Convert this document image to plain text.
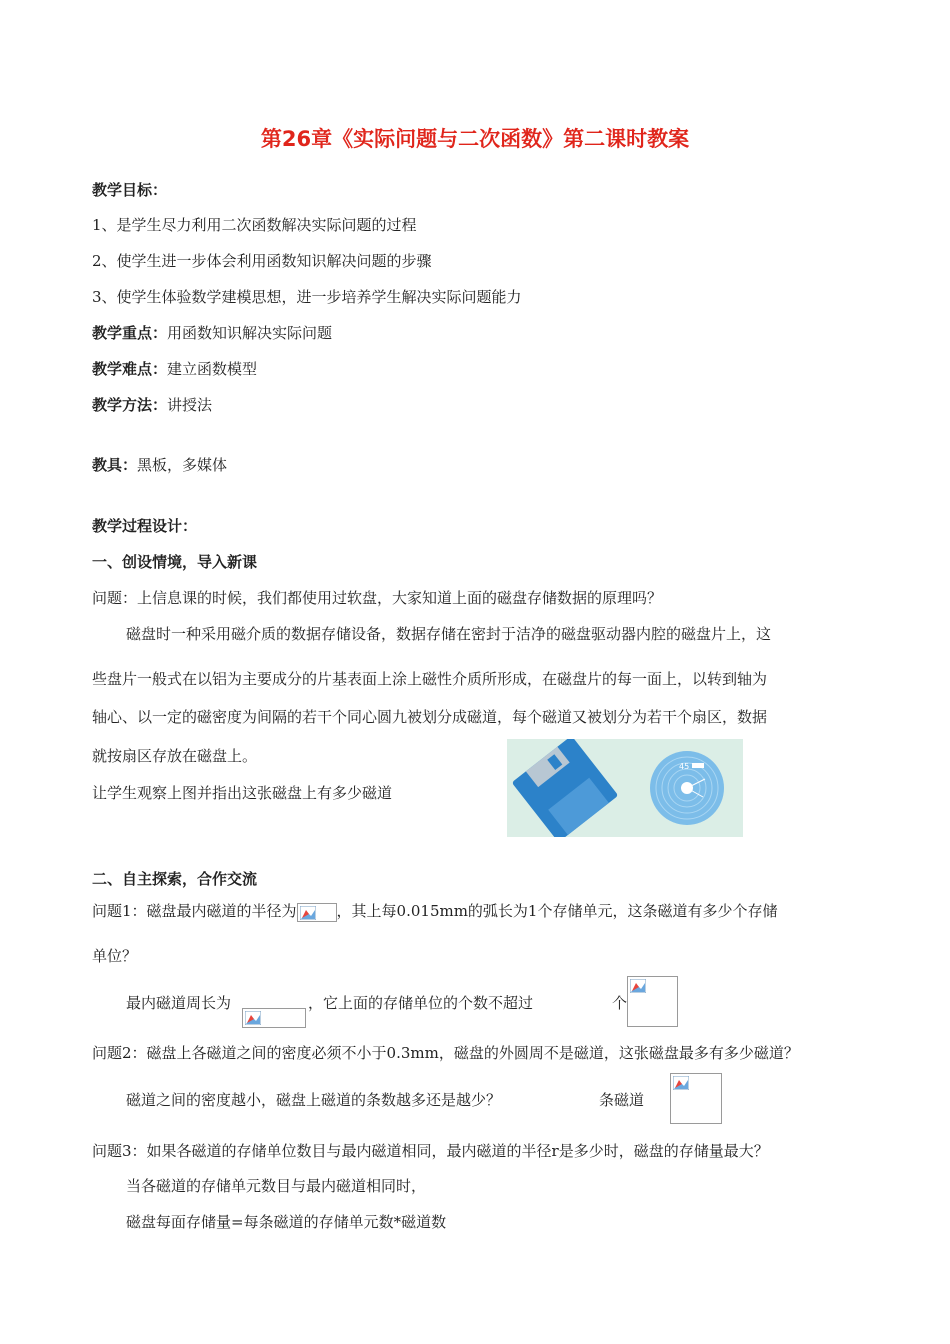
第26章《实际问题与二次函数》第二课时教案
教学目标：
1、是学生尽力利用二次函数解决实际问题的过程
2、使学生进一步体会利用函数知识解决问题的步骤
3、使学生体验数学建模思想，进一步培养学生解决实际问题能力
教学重点：用函数知识解决实际问题
教学难点：建立函数模型
教学方法：讲授法
教具：黑板，多媒体
教学过程设计：
一、创设情境，导入新课
问题：上信息课的时候，我们都使用过软盘，大家知道上面的磁盘存储数据的原理吗？
磁盘时一种采用磁介质的数据存储设备，数据存储在密封于洁净的磁盘驱动器内腔的磁盘片上，这
些盘片一般式在以铝为主要成分的片基表面上涂上磁性介质所形成，在磁盘片的每一面上，以转到轴为
轴心、以一定的磁密度为间隔的若干个同心圆九被划分成磁道，每个磁道又被划分为若干个扇区，数据
就按扇区存放在磁盘上。
让学生观察上图并指出这张磁盘上有多少磁道
45
二、自主探索，合作交流
问题1：磁盘最内磁道的半径为	，其上每0.015mm的弧长为1个存储单元，这条磁道有多少个存储
单位？
最内磁道周长为
	，它上面的存储单位的个数不超过
	个
问题2：磁盘上各磁道之间的密度必须不小于0.3mm，磁盘的外圆周不是磁道，这张磁盘最多有多少磁道？
磁道之间的密度越小，磁盘上磁道的条数越多还是越少？	条磁道
问题3：如果各磁道的存储单位数目与最内磁道相同，最内磁道的半径r是多少时，磁盘的存储量最大？
当各磁道的存储单元数目与最内磁道相同时，
磁盘每面存储量=每条磁道的存储单元数*磁道数
